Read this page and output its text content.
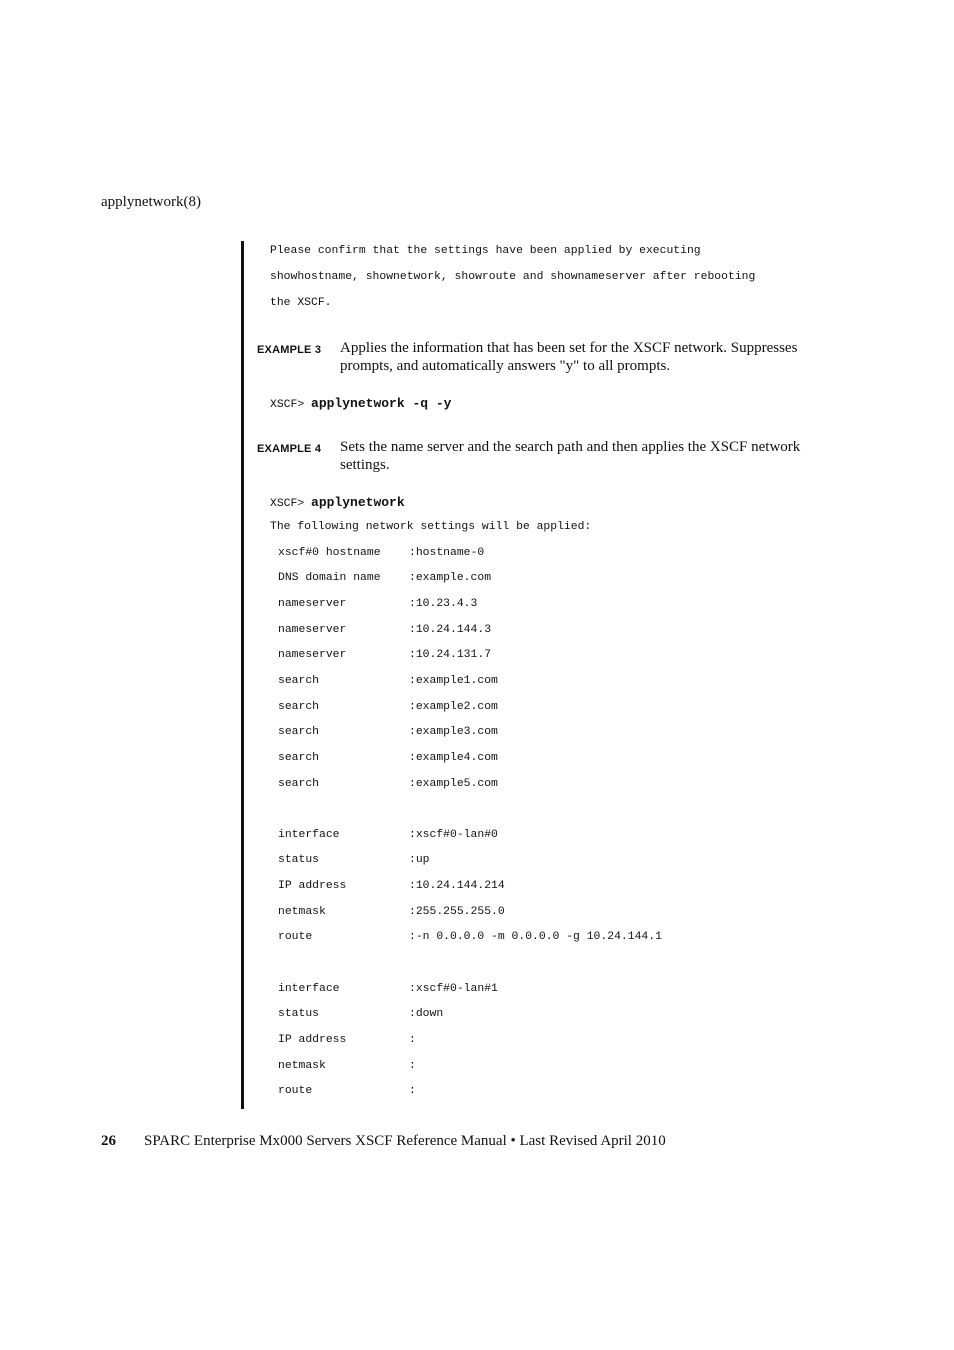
applynetwork(8)
Please confirm that the settings have been applied by executing
showhostname, shownetwork, showroute and shownameserver after rebooting
the XSCF.
EXAMPLE 3 Applies the information that has been set for the XSCF network. Suppresses prompts, and automatically answers "y" to all prompts.
XSCF> applynetwork -q -y
EXAMPLE 4 Sets the name server and the search path and then applies the XSCF network settings.
XSCF> applynetwork
The following network settings will be applied:
xscf#0 hostname :hostname-0
DNS domain name :example.com
nameserver	:10.23.4.3
nameserver	:10.24.144.3
nameserver	:10.24.131.7
search	:example1.com
search	:example2.com
search	:example3.com
search	:example4.com
search	:example5.com
interface	:xscf#0-lan#0
status	:up
IP address	:10.24.144.214
netmask	:255.255.255.0
route	:-n 0.0.0.0 -m 0.0.0.0 -g 10.24.144.1
interface	:xscf#0-lan#1
status	:down
IP address	:
netmask	:
route	:
26 SPARC Enterprise Mx000 Servers XSCF Reference Manual • Last Revised April 2010
